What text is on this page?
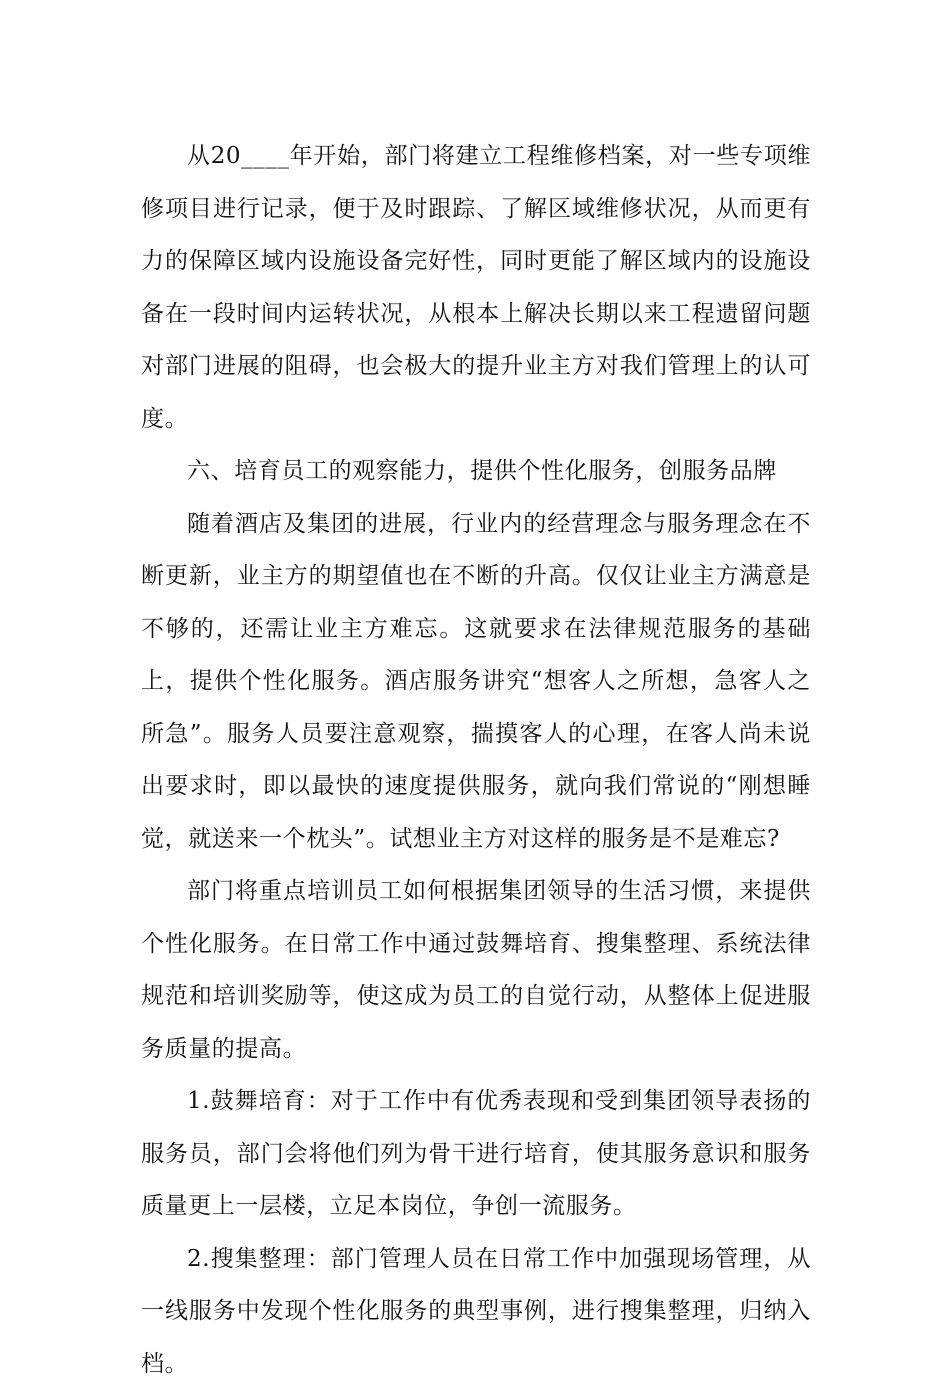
从20____年开始，部门将建立工程维修档案，对一些专项维修项目进行记录，便于及时跟踪、了解区域维修状况，从而更有力的保障区域内设施设备完好性，同时更能了解区域内的设施设备在一段时间内运转状况，从根本上解决长期以来工程遗留问题对部门进展的阻碍，也会极大的提升业主方对我们管理上的认可度。

六、培育员工的观察能力，提供个性化服务，创服务品牌

随着酒店及集团的进展，行业内的经营理念与服务理念在不断更新，业主方的期望值也在不断的升高。仅仅让业主方满意是不够的，还需让业主方难忘。这就要求在法律规范服务的基础上，提供个性化服务。酒店服务讲究“想客人之所想，急客人之所急”。服务人员要注意观察，揣摸客人的心理，在客人尚未说出要求时，即以最快的速度提供服务，就向我们常说的“刚想睡觉，就送来一个枕头”。试想业主方对这样的服务是不是难忘?

部门将重点培训员工如何根据集团领导的生活习惯，来提供个性化服务。在日常工作中通过鼓舞培育、搜集整理、系统法律规范和培训奖励等，使这成为员工的自觉行动，从整体上促进服务质量的提高。

1.鼓舞培育：对于工作中有优秀表现和受到集团领导表扬的服务员，部门会将他们列为骨干进行培育，使其服务意识和服务质量更上一层楼，立足本岗位，争创一流服务。

2.搜集整理：部门管理人员在日常工作中加强现场管理，从一线服务中发现个性化服务的典型事例，进行搜集整理，归纳入档。
